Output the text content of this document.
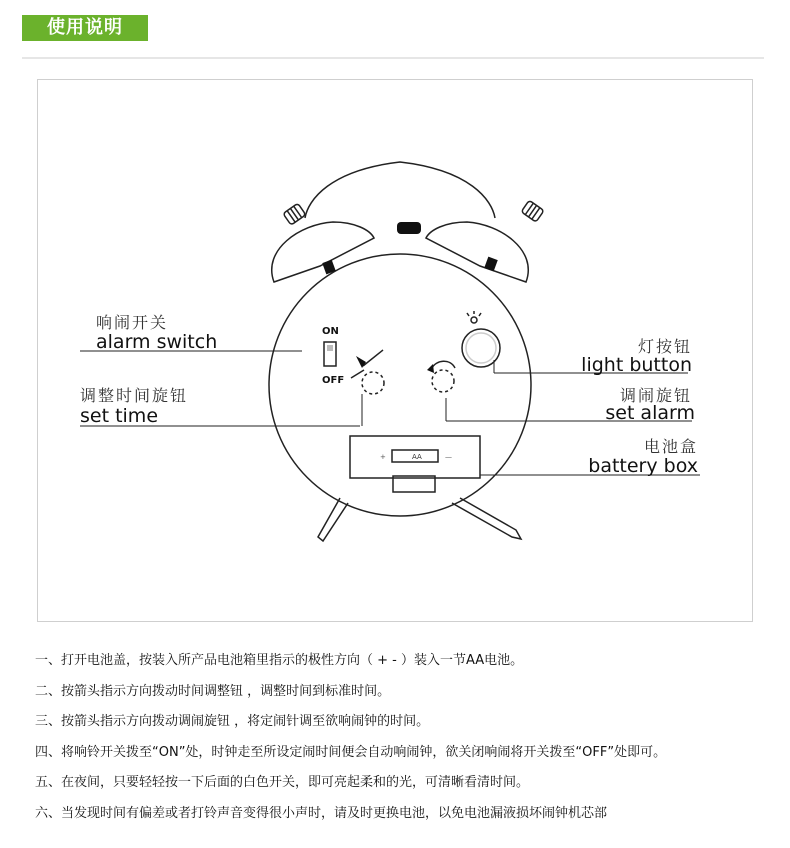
使用说明
ON
OFF
AA
+	—
响闹开关
alarm switch
调整时间旋钮
set time
灯按钮
light button
调闹旋钮
set alarm
电池盒
battery box
一、打开电池盖，按装入所产品电池箱里指示的极性方向（ + - ）装入一节AA电池。
二、按箭头指示方向拨动时间调整钮 ，调整时间到标准时间。
三、按箭头指示方向拨动调闹旋钮 ，将定闹针调至欲响闹钟的时间。
四、将响铃开关拨至“ON”处，时钟走至所设定闹时间便会自动响闹钟，欲关闭响闹将开关拨至“OFF”处即可。
五、在夜间，只要轻轻按一下后面的白色开关，即可亮起柔和的光，可清晰看清时间。
六、当发现时间有偏差或者打铃声音变得很小声时，请及时更换电池，以免电池漏液损坏闹钟机芯部
